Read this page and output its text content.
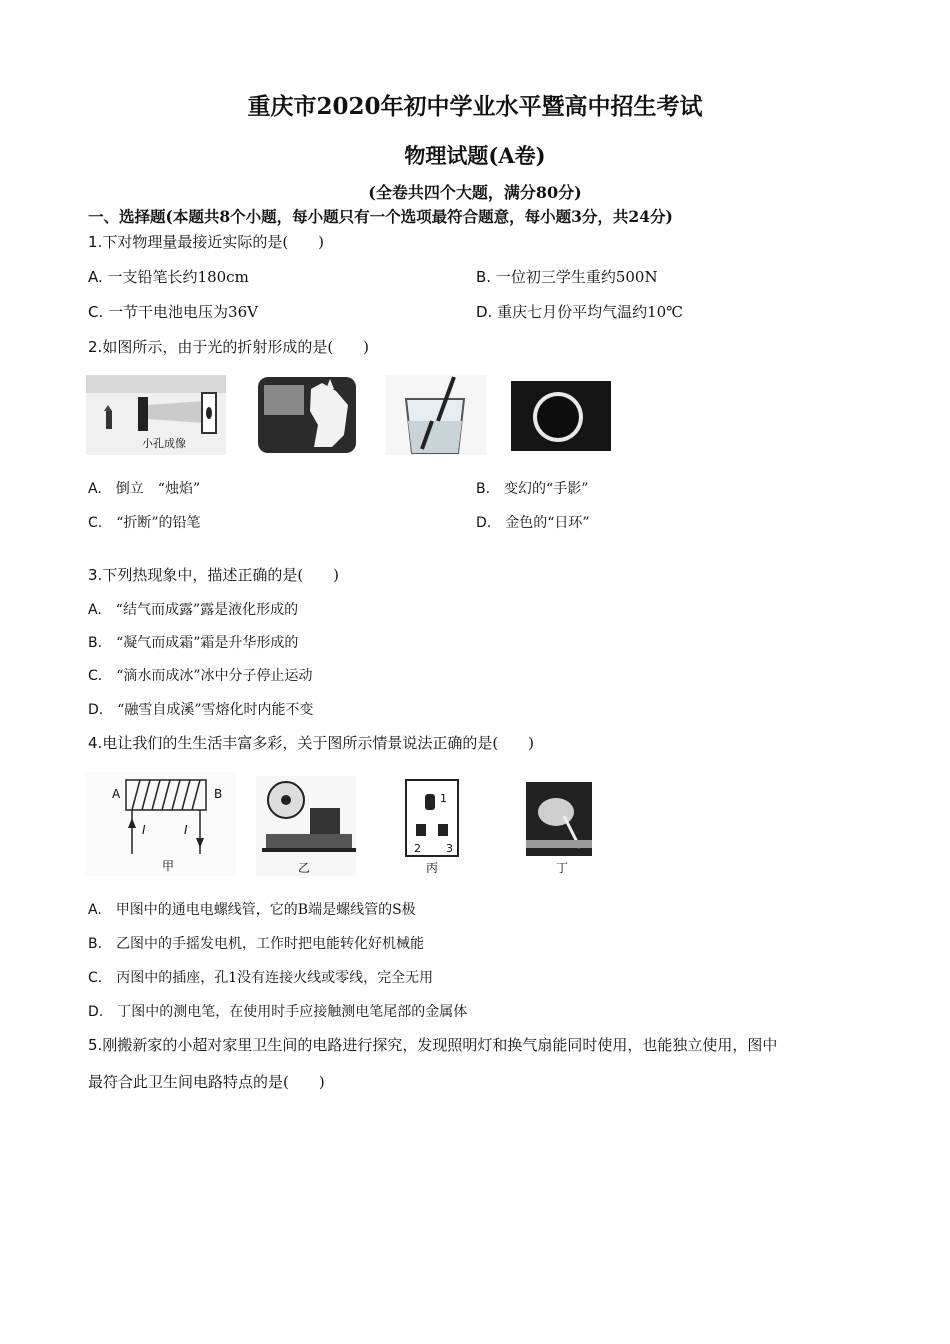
重庆市2020年初中学业水平暨高中招生考试
物理试题(A卷)
(全卷共四个大题，满分80分)
一、选择题(本题共8个小题，每小题只有一个选项最符合题意，每小题3分，共24分)
1.下对物理量最接近实际的是(　　)
A. 一支铅笔长约180cm	B. 一位初三学生重约500N
C. 一节干电池电压为36V	D. 重庆七月份平均气温约10℃
2.如图所示，由于光的折射形成的是(　　)
小孔成像
A.　 倒立　“烛焰”	B.　 变幻的“手影”
C.　 “折断”的铅笔	D.　 金色的“日环”
3.下列热现象中，描述正确的是(　　)
A.　 “结气而成露”露是液化形成的
B.　 “凝气而成霜”霜是升华形成的
C.　 “滴水而成冰”冰中分子停止运动
D.　 “融雪自成溪”雪熔化时内能不变
4.电让我们的生生活丰富多彩，关于图所示情景说法正确的是(　　)
A	B
I	I
甲	乙
1
2 3
丙	丁
A.　 甲图中的通电电螺线管，它的B端是螺线管的S极
B.　 乙图中的手摇发电机，工作时把电能转化好机械能
C.　 丙图中的插座，孔1没有连接火线或零线，完全无用
D.　 丁图中的测电笔，在使用时手应接触测电笔尾部的金属体
5.刚搬新家的小超对家里卫生间的电路进行探究，发现照明灯和换气扇能同时使用，也能独立使用，图中
最符合此卫生间电路特点的是(　　)
